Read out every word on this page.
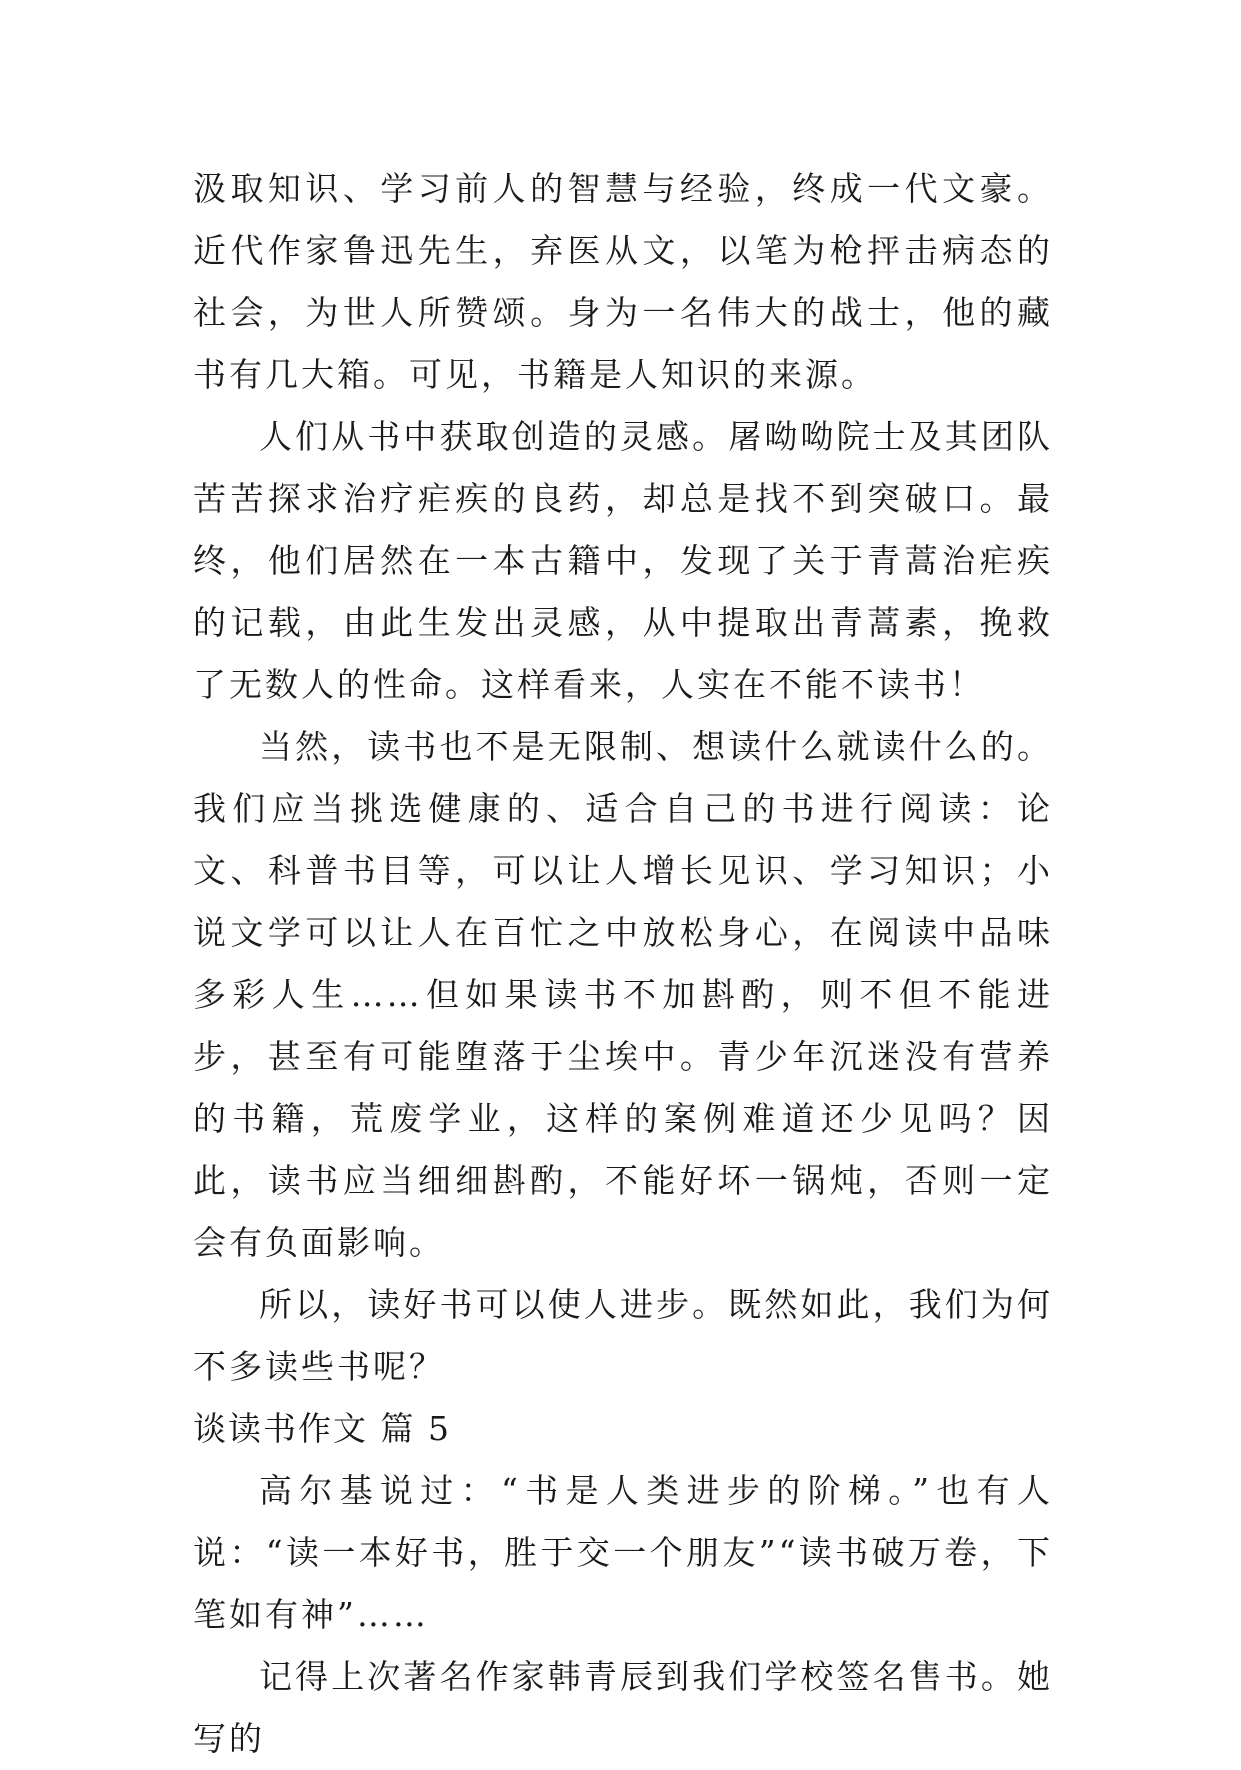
汲取知识、学习前人的智慧与经验，终成一代文豪。近代作家鲁迅先生，弃医从文，以笔为枪抨击病态的社会，为世人所赞颂。身为一名伟大的战士，他的藏书有几大箱。可见，书籍是人知识的来源。

人们从书中获取创造的灵感。屠呦呦院士及其团队苦苦探求治疗疟疾的良药，却总是找不到突破口。最终，他们居然在一本古籍中，发现了关于青蒿治疟疾的记载，由此生发出灵感，从中提取出青蒿素，挽救了无数人的性命。这样看来，人实在不能不读书！

当然，读书也不是无限制、想读什么就读什么的。我们应当挑选健康的、适合自己的书进行阅读：论文、科普书目等，可以让人增长见识、学习知识；小说文学可以让人在百忙之中放松身心，在阅读中品味多彩人生……但如果读书不加斟酌，则不但不能进步，甚至有可能堕落于尘埃中。青少年沉迷没有营养的书籍，荒废学业，这样的案例难道还少见吗？因此，读书应当细细斟酌，不能好坏一锅炖，否则一定会有负面影响。

所以，读好书可以使人进步。既然如此，我们为何不多读些书呢？

谈读书作文 篇 5

高尔基说过：“书是人类进步的阶梯。”也有人说：“读一本好书，胜于交一个朋友”“读书破万卷，下笔如有神”……

记得上次著名作家韩青辰到我们学校签名售书。她写的
